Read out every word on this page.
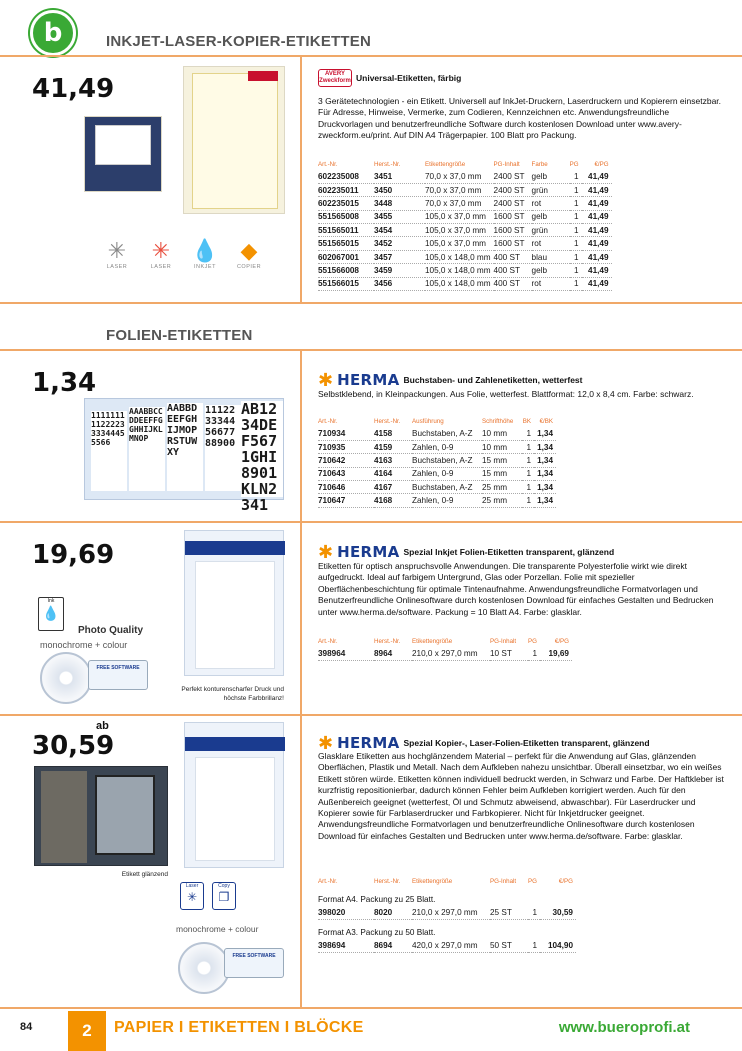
b	INKJET-LASER-KOPIER-ETIKETTEN
41,49
✳
LASER
✳
LASER
💧
INKJET
◆
COPIER
AVERY Zweckform Universal-Etiketten, färbig
3 Gerätetechnologien - ein Etikett. Universell auf InkJet-Druckern, Laserdruckern und Kopierern einsetzbar. Für Adresse, Hinweise, Vermerke, zum Codieren, Kennzeichnen etc. Anwendungsfreundliche Druckvorlagen und benutzerfreundliche Software durch kostenlosen Download unter www.avery-zweckform.eu/print. Auf DIN A4 Trägerpapier. 100 Blatt pro Packung.
Art.-Nr.	Herst.-Nr.	Etikettengröße	PG-Inhalt	Farbe	PG	€/PG
602235008	3451	70,0 x 37,0 mm	2400 ST	gelb	1	41,49
602235011	3450	70,0 x 37,0 mm	2400 ST	grün	1	41,49
602235015	3448	70,0 x 37,0 mm	2400 ST	rot	1	41,49
551565008	3455	105,0 x 37,0 mm	1600 ST	gelb	1	41,49
551565011	3454	105,0 x 37,0 mm	1600 ST	grün	1	41,49
551565015	3452	105,0 x 37,0 mm	1600 ST	rot	1	41,49
602067001	3457	105,0 x 148,0 mm	400 ST	blau	1	41,49
551566008	3459	105,0 x 148,0 mm	400 ST	gelb	1	41,49
551566015	3456	105,0 x 148,0 mm	400 ST	rot	1	41,49
FOLIEN-ETIKETTEN
1,34
1111111112222333344455566
AAABBCCDDEEFFGGHHIJKLMNOP
AABBDEEFGHIJMOPRSTUWXY
11122333445667788900
AB1234DEF5671GHI8901KLN2341
✱ HERMA Buchstaben- und Zahlenetiketten, wetterfest
Selbstklebend, in Kleinpackungen. Aus Folie, wetterfest. Blattformat: 12,0 x 8,4 cm. Farbe: schwarz.
Art.-Nr.	Herst.-Nr.	Ausführung	Schrifthöhe	BK	€/BK
710934	4158	Buchstaben, A-Z	10 mm	1	1,34
710935	4159	Zahlen, 0-9	10 mm	1	1,34
710642	4163	Buchstaben, A-Z	15 mm	1	1,34
710643	4164	Zahlen, 0-9	15 mm	1	1,34
710646	4167	Buchstaben, A-Z	25 mm	1	1,34
710647	4168	Zahlen, 0-9	25 mm	1	1,34
19,69
Ink
💧
Photo Quality
monochrome + colour
FREE SOFTWARE
Perfekt konturenscharfer Druck und höchste Farbbrillanz!
✱ HERMA Spezial Inkjet Folien-Etiketten transparent, glänzend
Etiketten für optisch anspruchsvolle Anwendungen. Die transparente Polyesterfolie wirkt wie direkt aufgedruckt. Ideal auf farbigem Untergrund, Glas oder Porzellan. Folie mit spezieller Oberflächenbeschichtung für optimale Tintenaufnahme. Anwendungsfreundliche Formatvorlagen und Benutzerfreundliche Onlinesoftware durch kostenlosen Download für einfaches Gestalten und Bedrucken unter www.herma.de/software. Packung = 10 Blatt A4. Farbe: glasklar.
Art.-Nr.	Herst.-Nr.	Etikettengröße	PG-Inhalt	PG	€/PG
398964	8964	210,0 x 297,0 mm	10 ST	1	19,69
ab
30,59
Etikett glänzend
Laser
✳
Copy
❐
monochrome + colour
FREE SOFTWARE
✱ HERMA Spezial Kopier-, Laser-Folien-Etiketten transparent, glänzend
Glasklare Etiketten aus hochglänzendem Material – perfekt für die Anwendung auf Glas, glänzenden Oberflächen, Plastik und Metall. Nach dem Aufkleben nahezu unsichtbar. Überall einsetzbar, wo ein weißes Etikett stören würde. Etiketten können individuell bedruckt werden, in Schwarz und Farbe. Der Haftkleber ist kurzfristig repositionierbar, dadurch können Fehler beim Aufkleben korrigiert werden. Auch für den Außenbereich geeignet (wetterfest, Öl und Schmutz abweisend, abwaschbar). Für Laserdrucker und Kopierer sowie für Farblaserdrucker und Farbkopierer. Nicht für Inkjetdrucker geeignet. Anwendungsfreundliche Formatvorlagen und benutzerfreundliche Onlinesoftware durch kostenlosen Download für einfaches Gestalten und Bedrucken unter www.herma.de/software. Farbe: glasklar.
Art.-Nr.	Herst.-Nr.	Etikettengröße	PG-Inhalt	PG	€/PG
Format A4. Packung zu 25 Blatt.
398020	8020	210,0 x 297,0 mm	25 ST	1	30,59
Format A3. Packung zu 50 Blatt.
398694	8694	420,0 x 297,0 mm	50 ST	1	104,90
84	2	PAPIER I ETIKETTEN I BLÖCKE	www.bueroprofi.at
